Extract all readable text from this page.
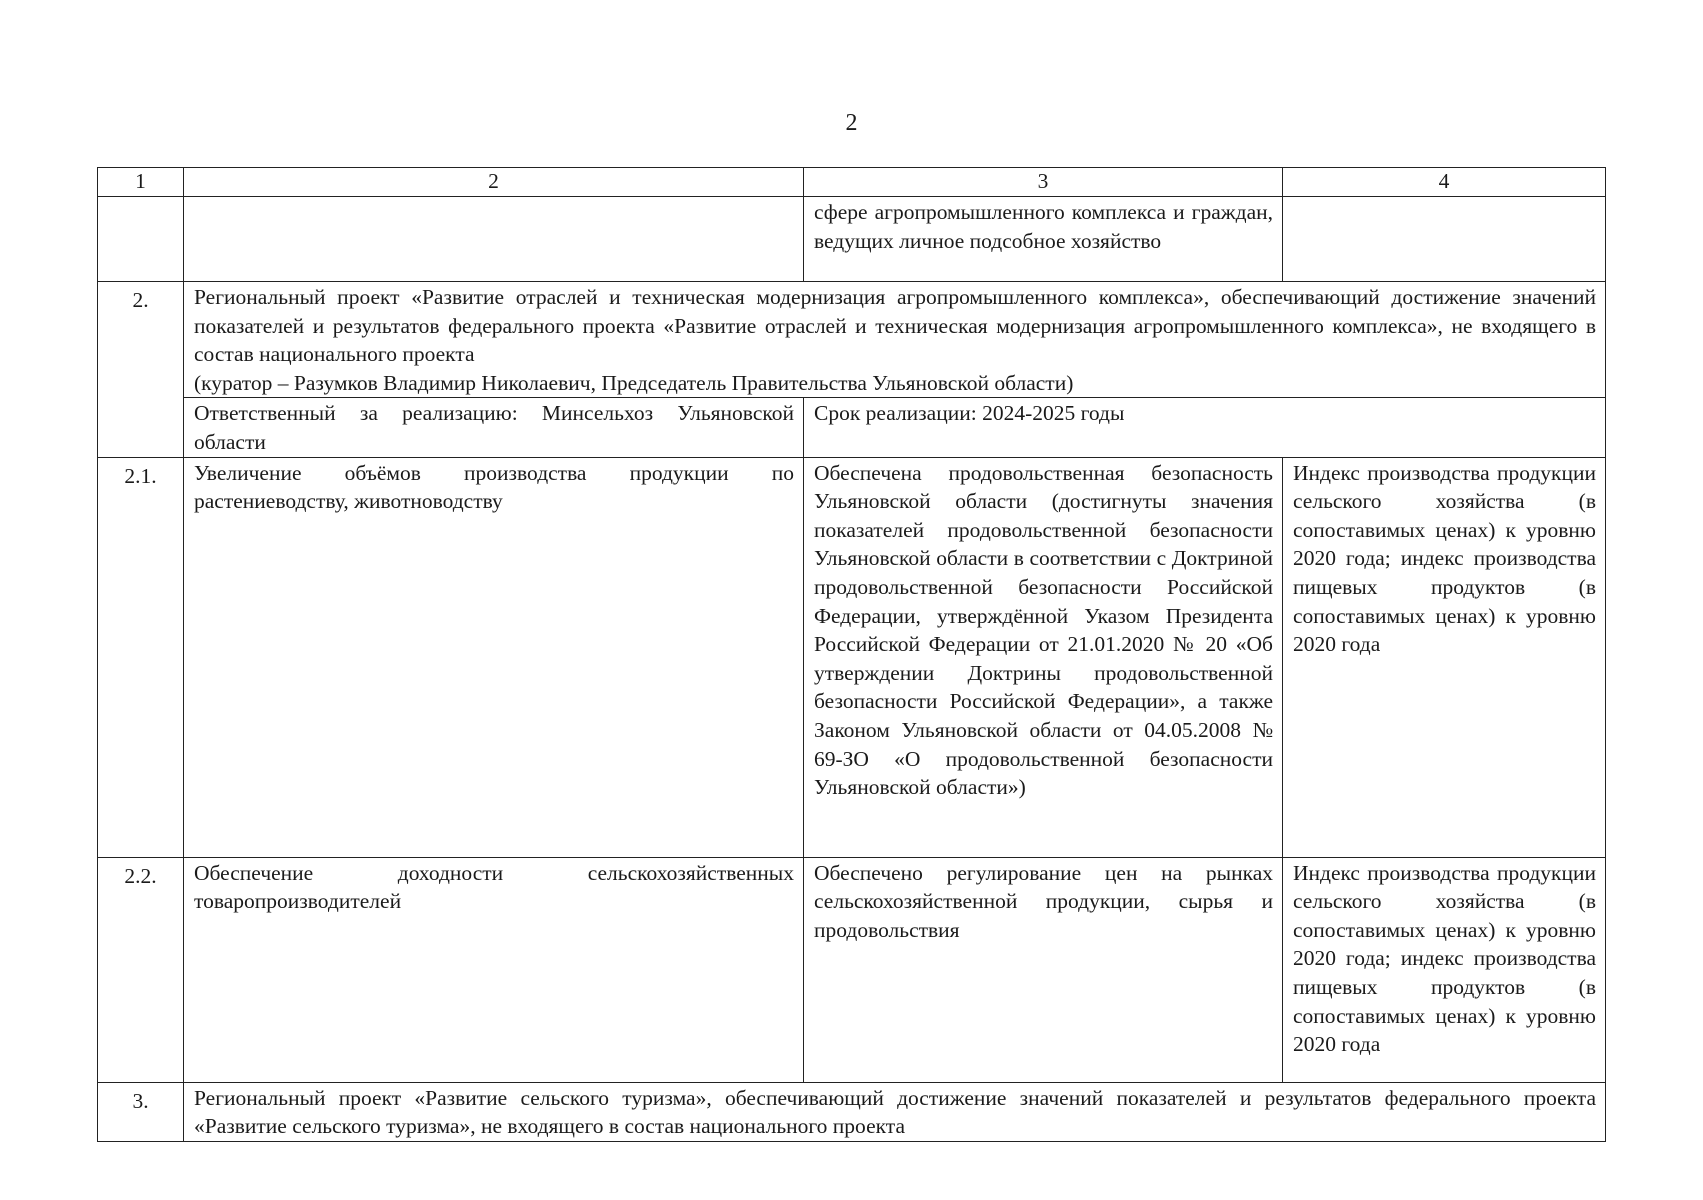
2
1	2	3	4
		сфере агропромышленного комплекса и граждан, ведущих личное подсобное хозяйство	
2.	Региональный проект «Развитие отраслей и техническая модернизация агропромышленного комплекса», обеспечивающий достижение значений показателей и результатов федерального проекта «Развитие отраслей и техническая модернизация агропромышленного комплекса», не входящего в состав национального проекта
(куратор – Разумков Владимир Николаевич, Председатель Правительства Ульяновской области)		
	Ответственный за реализацию: Минсельхоз Ульяновской области	Срок реализации: 2024-2025 годы	
2.1.	Увеличение объёмов производства продукции по растениеводству, животноводству	Обеспечена продовольственная безопасность Ульяновской области (достигнуты значения показателей продовольственной безопасности Ульяновской области в соответствии с Доктриной продовольственной безопасности Российской Федерации, утверждённой Указом Президента Российской Федерации от 21.01.2020 № 20 «Об утверждении Доктрины продовольственной безопасности Российской Федерации», а также Законом Ульяновской области от 04.05.2008 № 69-ЗО «О продовольственной безопасности Ульяновской области»)	Индекс производства продукции сельского хозяйства (в сопоставимых ценах) к уровню 2020 года; индекс производства пищевых продуктов (в сопоставимых ценах) к уровню 2020 года
2.2.	Обеспечение доходности сельскохозяйственных товаропроизводителей	Обеспечено регулирование цен на рынках сельскохозяйственной продукции, сырья и продовольствия	Индекс производства продукции сельского хозяйства (в сопоставимых ценах) к уровню 2020 года; индекс производства пищевых продуктов (в сопоставимых ценах) к уровню 2020 года
3.	Региональный проект «Развитие сельского туризма», обеспечивающий достижение значений показателей и результатов федерального проекта «Развитие сельского туризма», не входящего в состав национального проекта		
